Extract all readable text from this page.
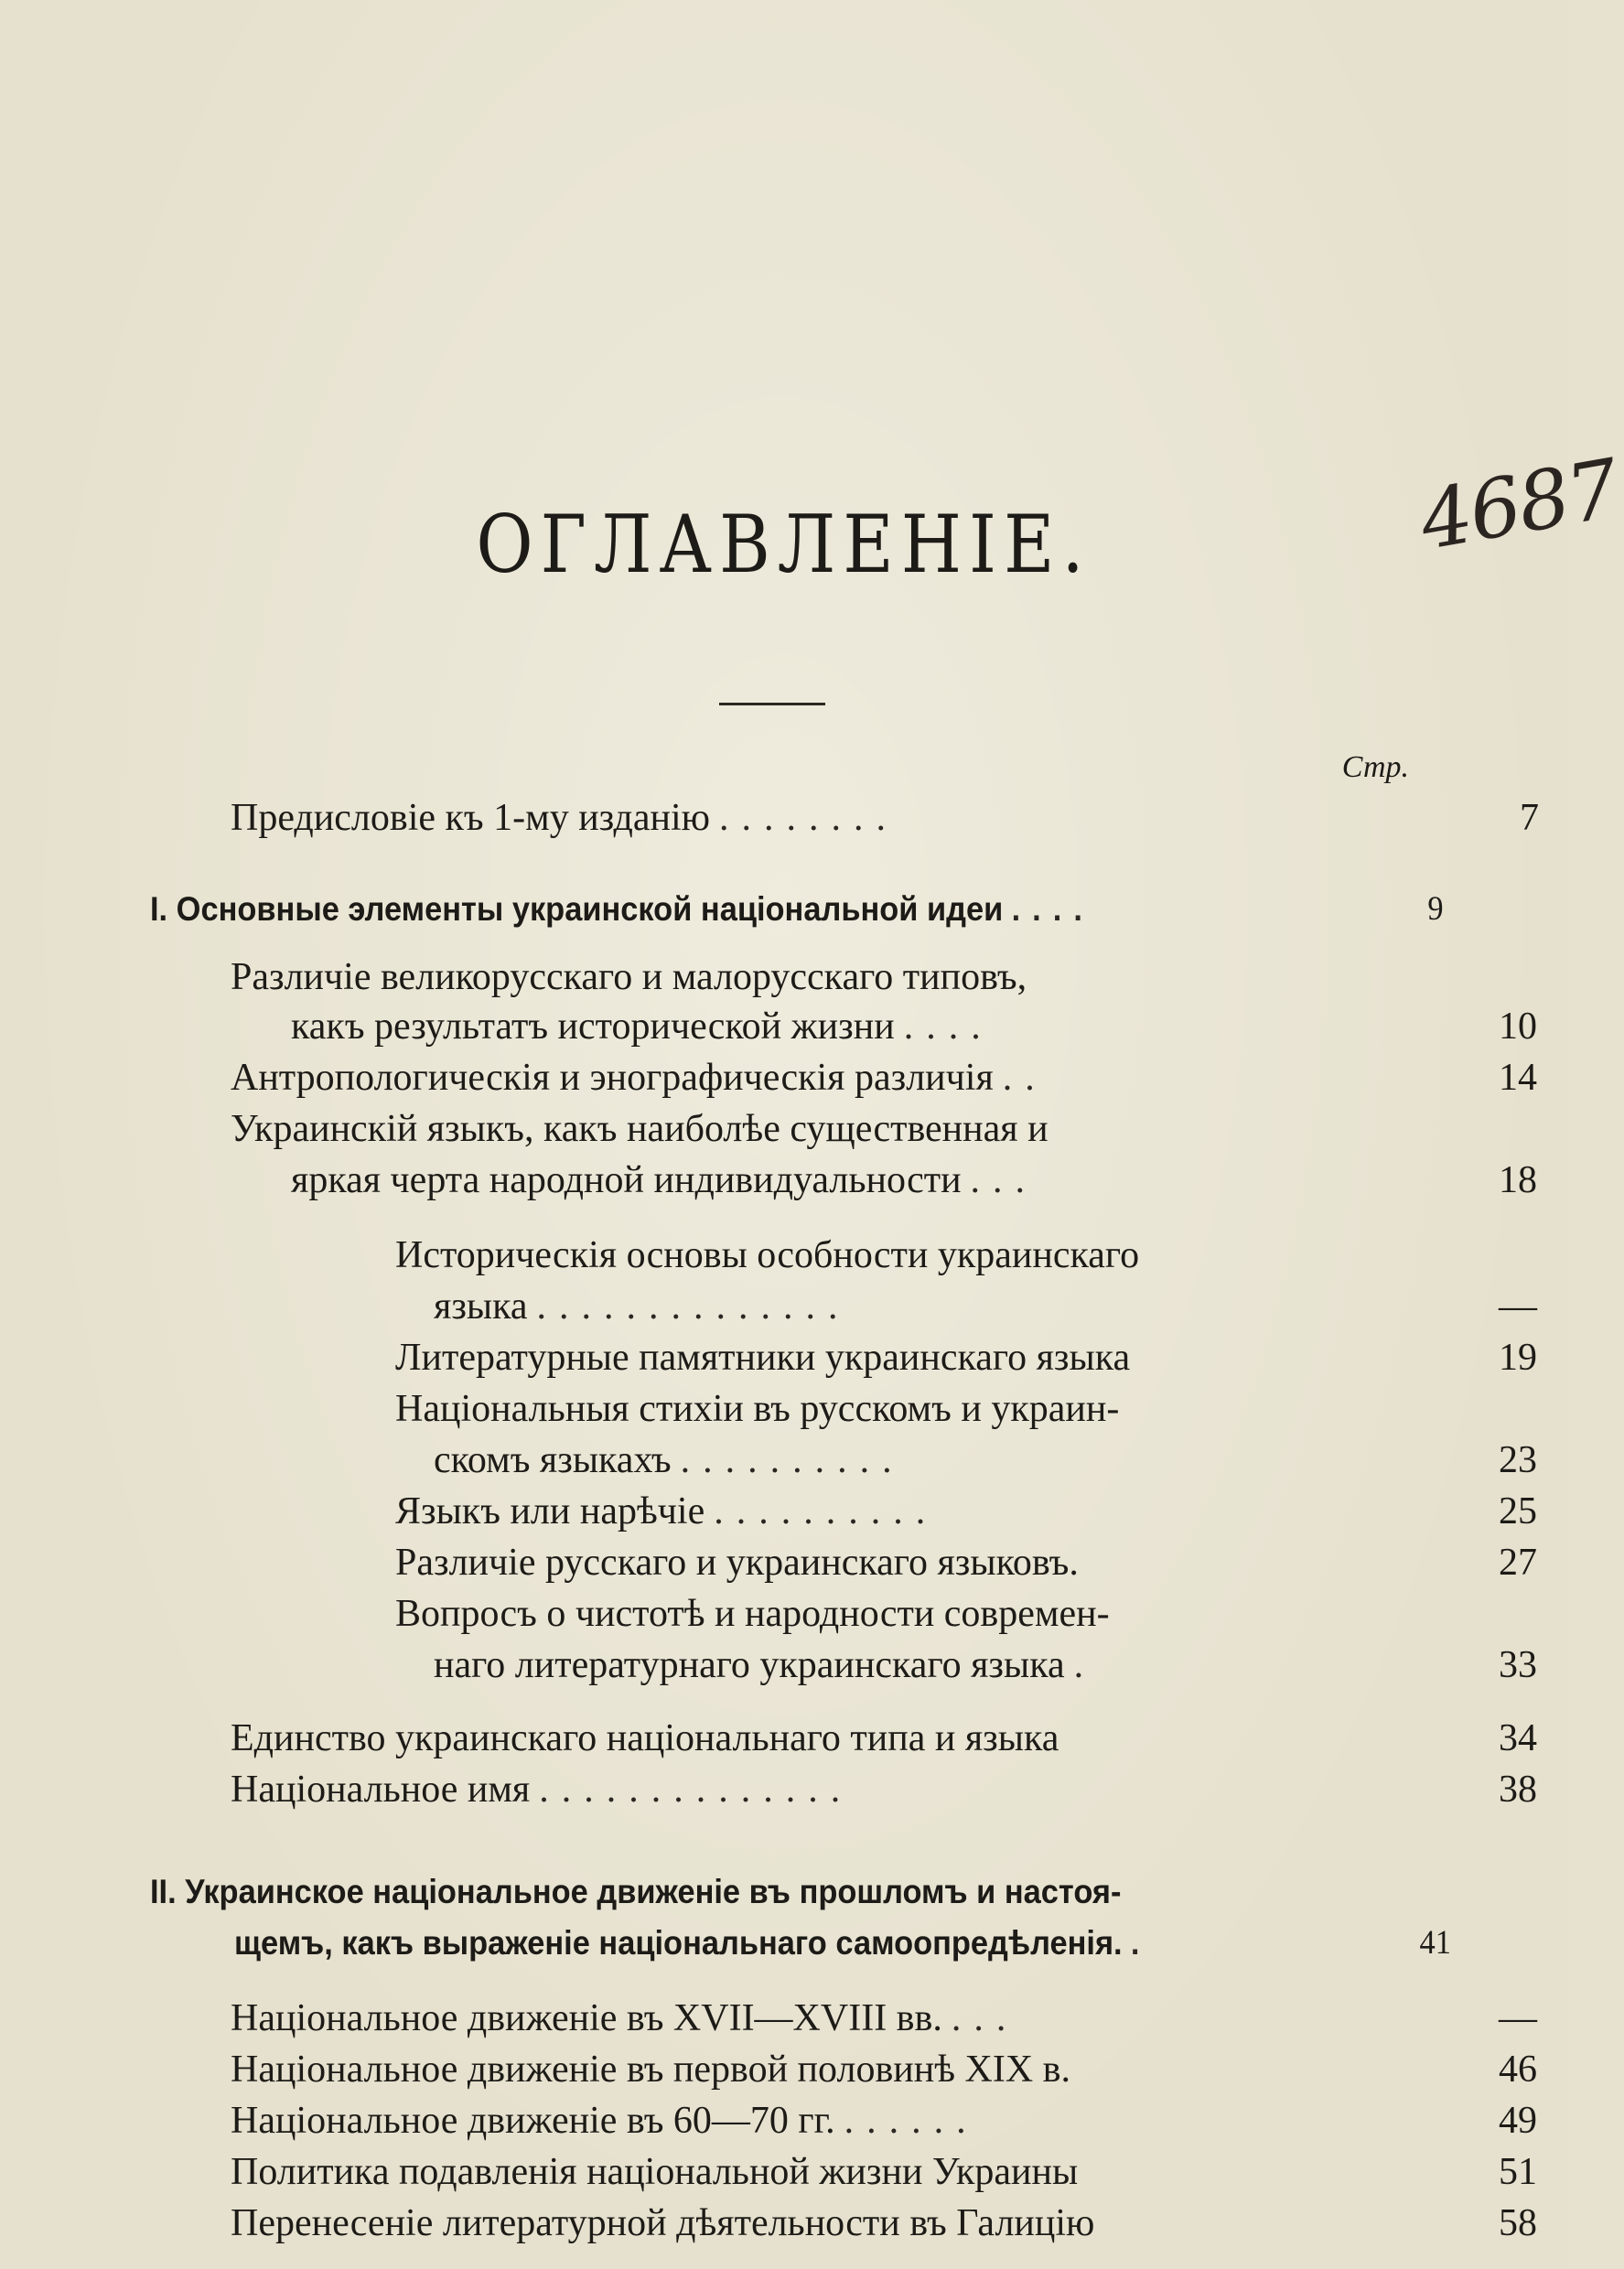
4687
ОГЛАВЛЕНІЕ.
Стр.
Предисловіе къ 1-му изданію ........	7
I. Основные элементы украинской національной идеи ....	9
Различіе великорусскаго и малорусскаго типовъ,
какъ результатъ исторической жизни ....	10
Антропологическія и энографическія различія ..	14
Украинскій языкъ, какъ наиболѣе существенная и
яркая черта народной индивидуальности ...	18
Историческія основы особности украинскаго
языка ..............	—
Литературные памятники украинскаго языка	19
Національныя стихіи въ русскомъ и украин-
скомъ языкахъ ..........	23
Языкъ или нарѣчіе ..........	25
Различіе русскаго и украинскаго языковъ.	27
Вопросъ о чистотѣ и народности современ-
наго литературнаго украинскаго языка .	33
Единство украинскаго національнаго типа и языка	34
Національное имя ..............	38
II. Украинское національное движеніе въ прошломъ и настоя-
щемъ, какъ выраженіе національнаго самоопредѣленія. .	41
Національное движеніе въ XVII—XVIII вв. ...	—
Національное движеніе въ первой половинѣ XIX в.	46
Національное движеніе въ 60—70 гг. ......	49
Политика подавленія національной жизни Украины	51
Перенесеніе литературной дѣятельности въ Галицію	58
